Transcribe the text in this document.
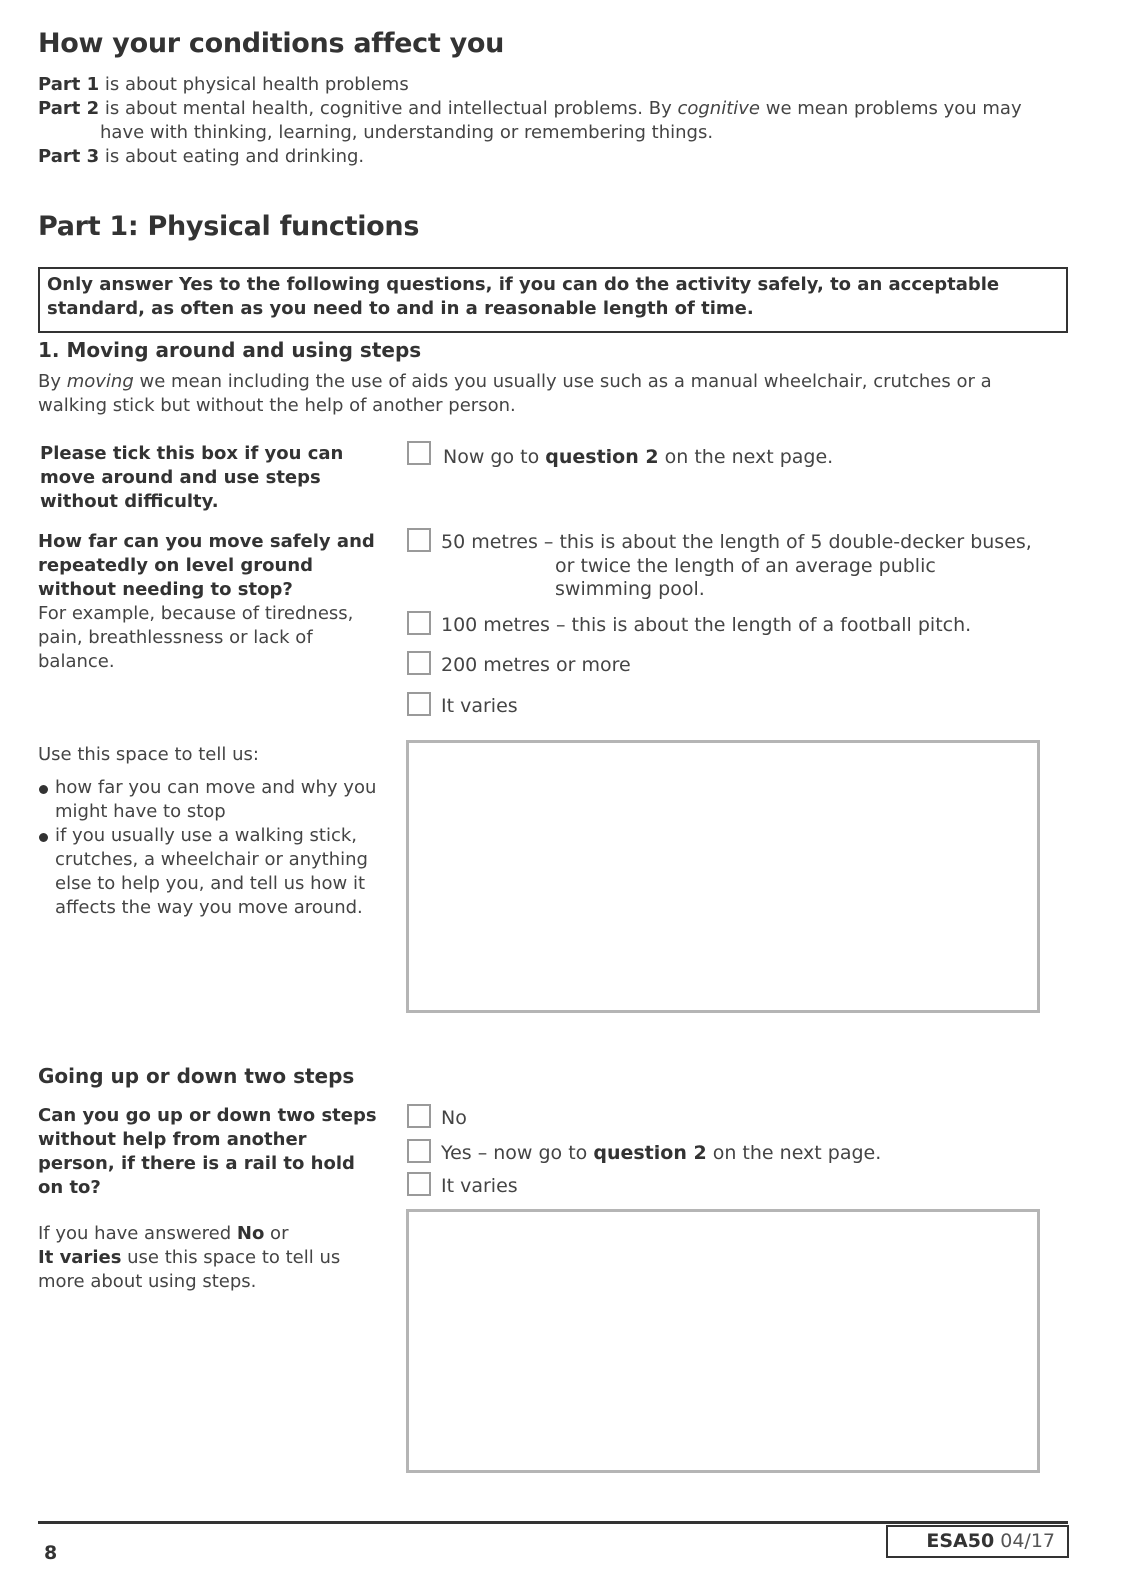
How your conditions affect you
Part 1 is about physical health problems
Part 2 is about mental health, cognitive and intellectual problems. By cognitive we mean problems you may
have with thinking, learning, understanding or remembering things.
Part 3 is about eating and drinking.
Part 1: Physical functions
Only answer Yes to the following questions, if you can do the activity safely, to an acceptable standard, as often as you need to and in a reasonable length of time.
1. Moving around and using steps
By moving we mean including the use of aids you usually use such as a manual wheelchair, crutches or a walking stick but without the help of another person.
Please tick this box if you can move around and use steps without difficulty.
Now go to question 2 on the next page.
How far can you move safely and repeatedly on level ground without needing to stop?
For example, because of tiredness, pain, breathlessness or lack of balance.
50 metres – this is about the length of 5 double-decker buses,
or twice the length of an average public
swimming pool.
100 metres – this is about the length of a football pitch.
200 metres or more
It varies
Use this space to tell us:
how far you can move and why you might have to stop
if you usually use a walking stick, crutches, a wheelchair or anything else to help you, and tell us how it affects the way you move around.
Going up or down two steps
Can you go up or down two steps without help from another person, if there is a rail to hold on to?
No
Yes – now go to question 2 on the next page.
It varies
If you have answered No or
It varies use this space to tell us more about using steps.
8
ESA50 04/17
